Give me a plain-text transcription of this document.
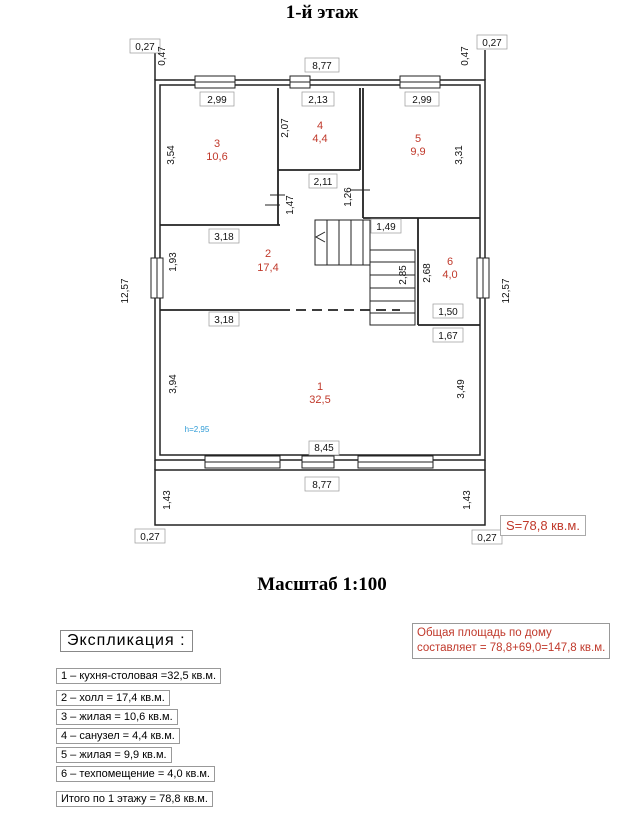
1-й этаж
1
32,5
2
17,4
3
10,6
4
4,4	5
9,9
6
4,0
0,27 0,47	0,47
0,27
8,77
2,99	2,13	2,99
3,54
2,07
3,31
2,11
1,47	1,26
3,18
1,49
1,93
2,85 2,68
12,57	12,57
3,18
1,50
1,67
3,94	3,49
h=2,95
8,45
8,77
1,43	1,43
0,27	0,27
S=78,8 кв.м.
Масштаб 1:100
Экспликация :	Общая площадь по дому
составляет = 78,8+69,0=147,8 кв.м.
1 – кухня-столовая =32,5 кв.м.
2 – холл = 17,4 кв.м.
3 – жилая = 10,6 кв.м.
4 – санузел = 4,4 кв.м.
5 – жилая = 9,9 кв.м.
6 – техпомещение = 4,0 кв.м.
Итого по 1 этажу = 78,8 кв.м.
